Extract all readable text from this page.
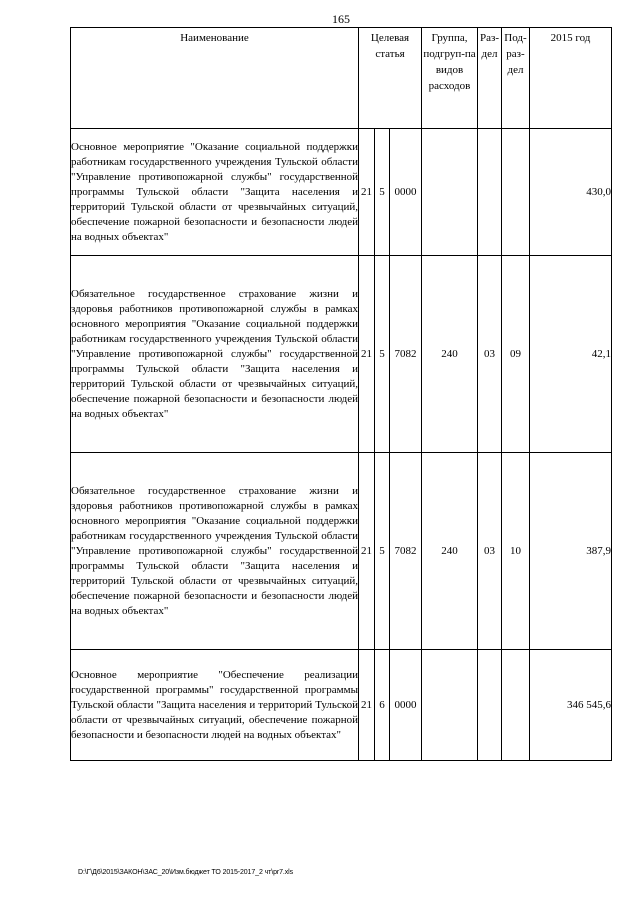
165
Наименование	Целевая статья			Группа, подгруп-па видов расходов	Раз-дел	Под-раз-дел	2015 год
Основное мероприятие "Оказание социальной поддержки работникам государственного учреждения Тульской области "Управление противопожарной службы" государственной программы Тульской области "Защита населения и территорий Тульской области от чрезвычайных ситуаций, обеспечение пожарной безопасности и безопасности людей на водных объектах"	21	5	0000				430,0
Обязательное государственное страхование жизни и здоровья работников противопожарной службы в рамках основного мероприятия "Оказание социальной поддержки работникам государственного учреждения Тульской области "Управление противопожарной службы" государственной программы Тульской области "Защита населения и территорий Тульской области от чрезвычайных ситуаций, обеспечение пожарной безопасности и безопасности людей на водных объектах"	21	5	7082	240	03	09	42,1
Обязательное государственное страхование жизни и здоровья работников противопожарной службы в рамках основного мероприятия "Оказание социальной поддержки работникам государственного учреждения Тульской области "Управление противопожарной службы" государственной программы Тульской области "Защита населения и территорий Тульской области от чрезвычайных ситуаций, обеспечение пожарной безопасности и безопасности людей на водных объектах"	21	5	7082	240	03	10	387,9
Основное мероприятие "Обеспечение реализации государственной программы" государственной программы Тульской области "Защита населения и территорий Тульской области от чрезвычайных ситуаций, обеспечение пожарной безопасности и безопасности людей на водных объектах"	21	6	0000				346 545,6
D:\Г\Д6\2015\ЗАКОН\ЗАС_20\Изм.бюджет ТО 2015-2017_2 чт\pr7.xls
